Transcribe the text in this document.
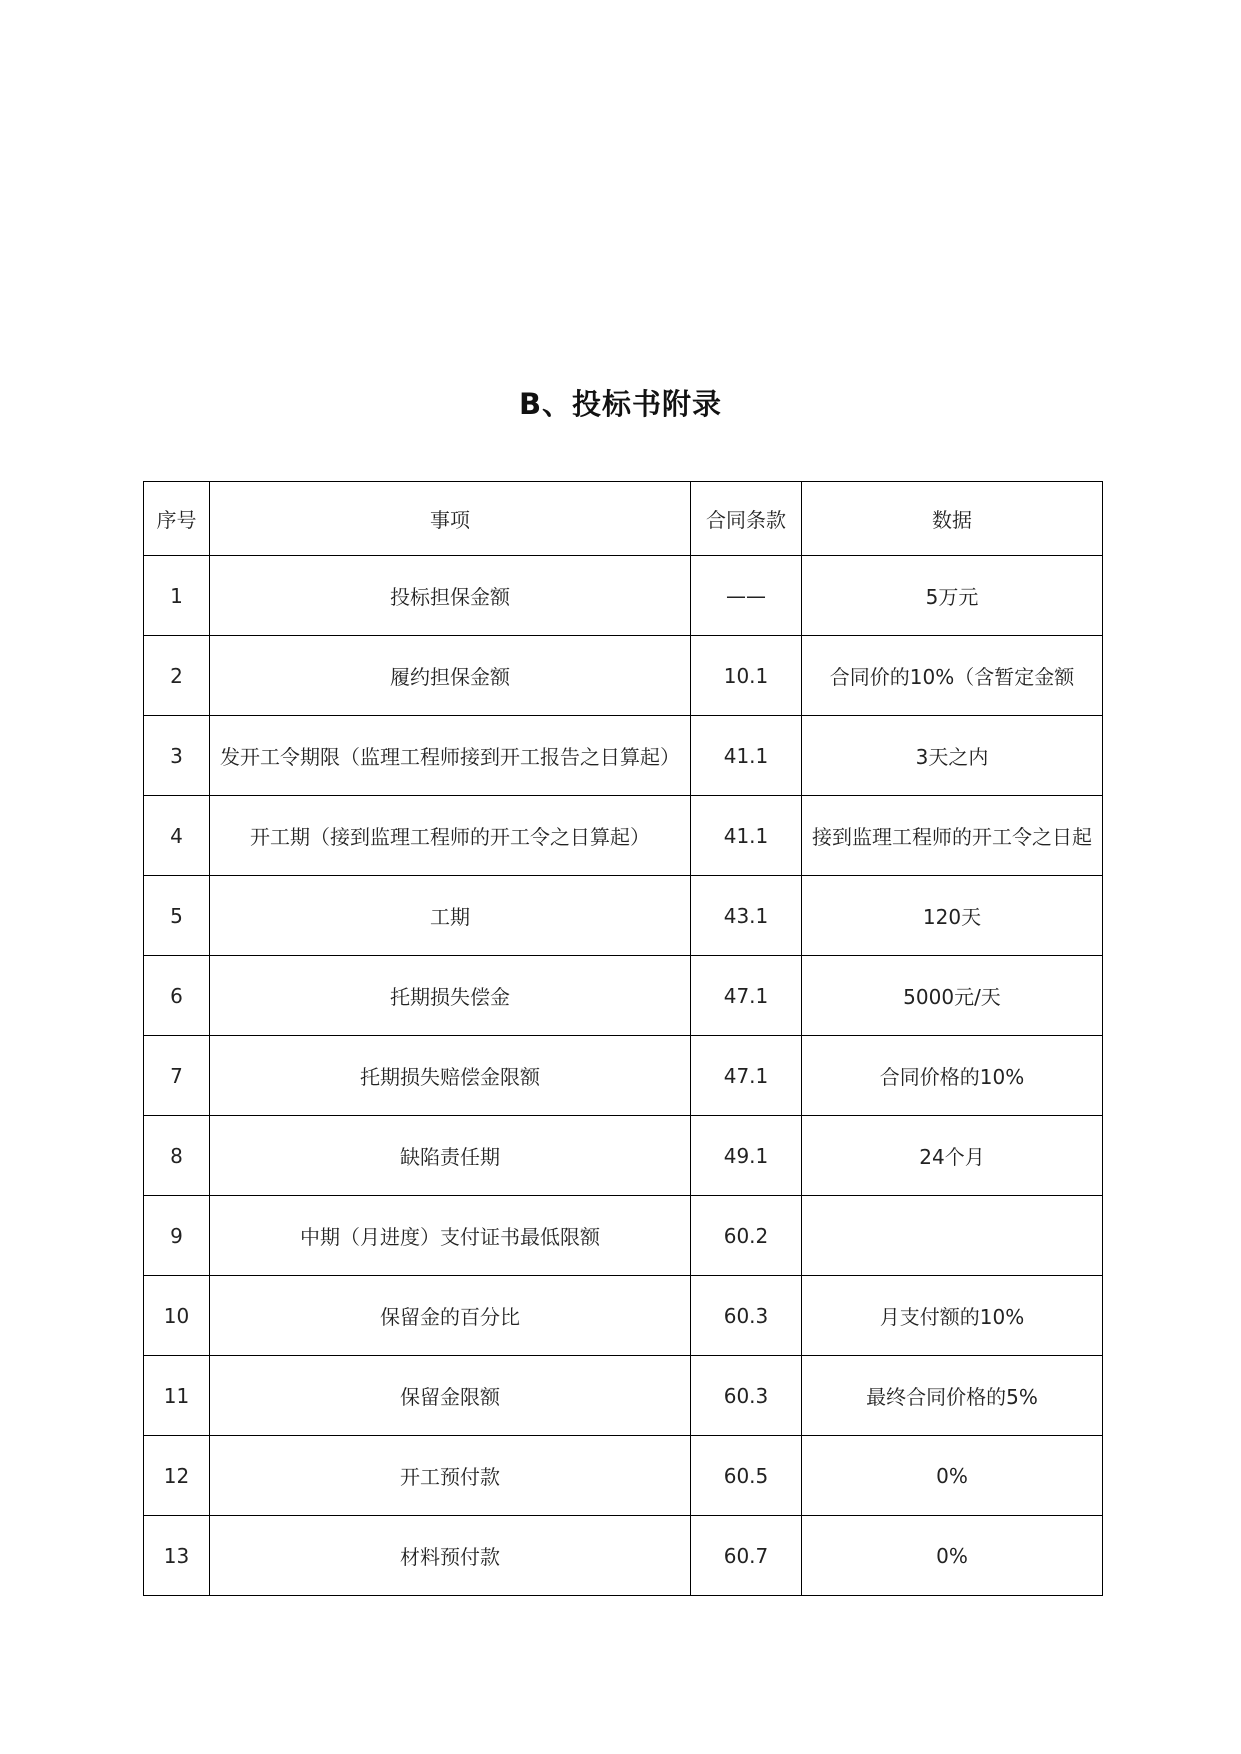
B、投标书附录
序号	事项	合同条款	数据
1	投标担保金额	——	5万元
2	履约担保金额	10.1	合同价的10%（含暂定金额
3	发开工令期限（监理工程师接到开工报告之日算起）	41.1	3天之内
4	开工期（接到监理工程师的开工令之日算起）	41.1	接到监理工程师的开工令之日起
5	工期	43.1	120天
6	托期损失偿金	47.1	5000元/天
7	托期损失赔偿金限额	47.1	合同价格的10%
8	缺陷责任期	49.1	24个月
9	中期（月进度）支付证书最低限额	60.2	
10	保留金的百分比	60.3	月支付额的10%
11	保留金限额	60.3	最终合同价格的5%
12	开工预付款	60.5	0%
13	材料预付款	60.7	0%
